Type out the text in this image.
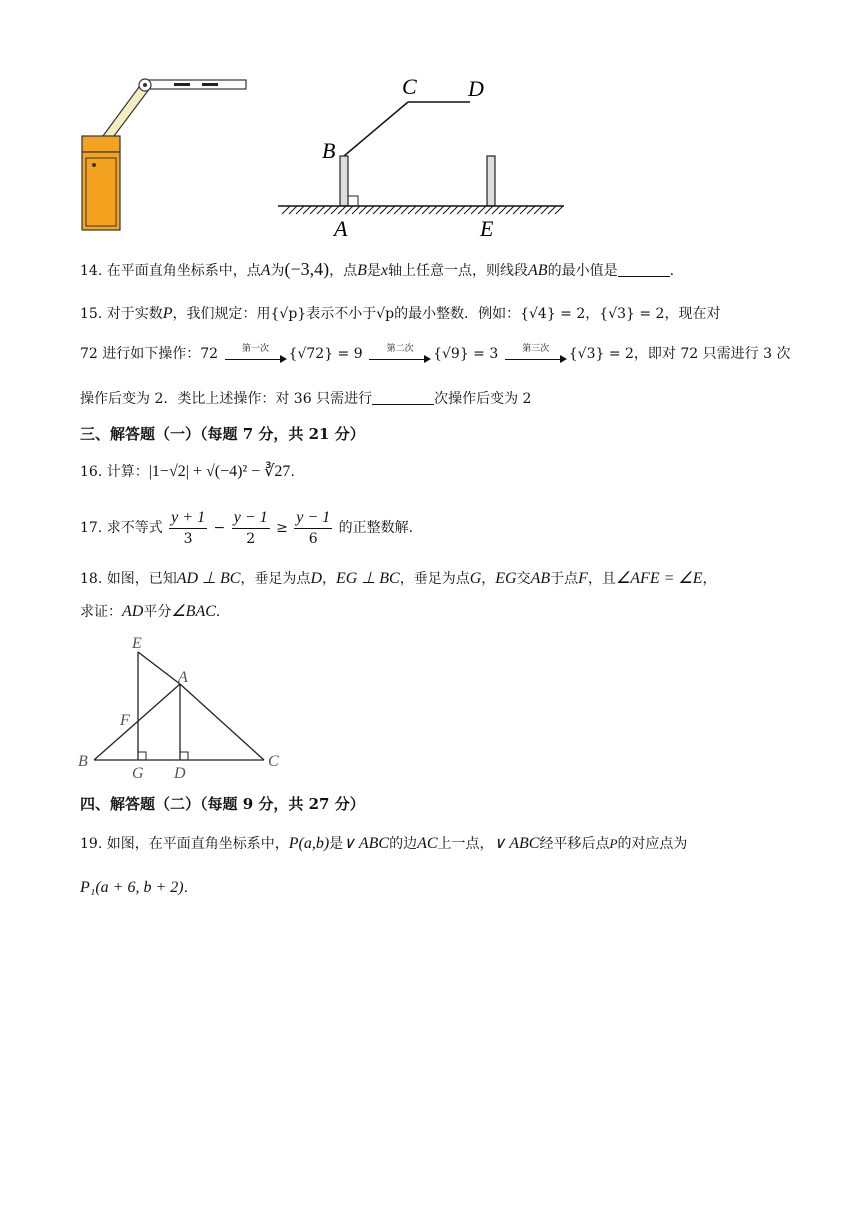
C D
B
A	E
14. 在平面直角坐标系中，点A为(−3,4)，点B是x轴上任意一点，则线段AB的最小值是	.
15. 对于实数P，我们规定：用{√p}表示不小于√p的最小整数．例如：{√4} = 2，{√3} = 2，现在对
72 进行如下操作：72	第一次 {√72} = 9	第二次 {√9} = 3	第三次 {√3} = 2，即对 72 只需进行 3 次
操作后变为 2．类比上述操作：对 36 只需进行	次操作后变为 2
三、解答题（一）（每题 7 分，共 21 分）
16. 计算：|1−√2| + √(−4)² − ∛27.
17. 求不等式 $\frac{y + 1}{3} - \frac{y - 1}{2} \ge \frac{y - 1}{6}$ 的正整数解.
18. 如图，已知AD ⊥ BC，垂足为点D，EG ⊥ BC，垂足为点G，EG交AB于点F，且∠AFE = ∠E，
求证：AD平分∠BAC.
E
A
F
B
G D
C
四、解答题（二）（每题 9 分，共 27 分）
19. 如图，在平面直角坐标系中，P(a,b)是∨ ABC的边AC上一点，∨ ABC经平移后点P的对应点为
P₁(a + 6, b + 2).
